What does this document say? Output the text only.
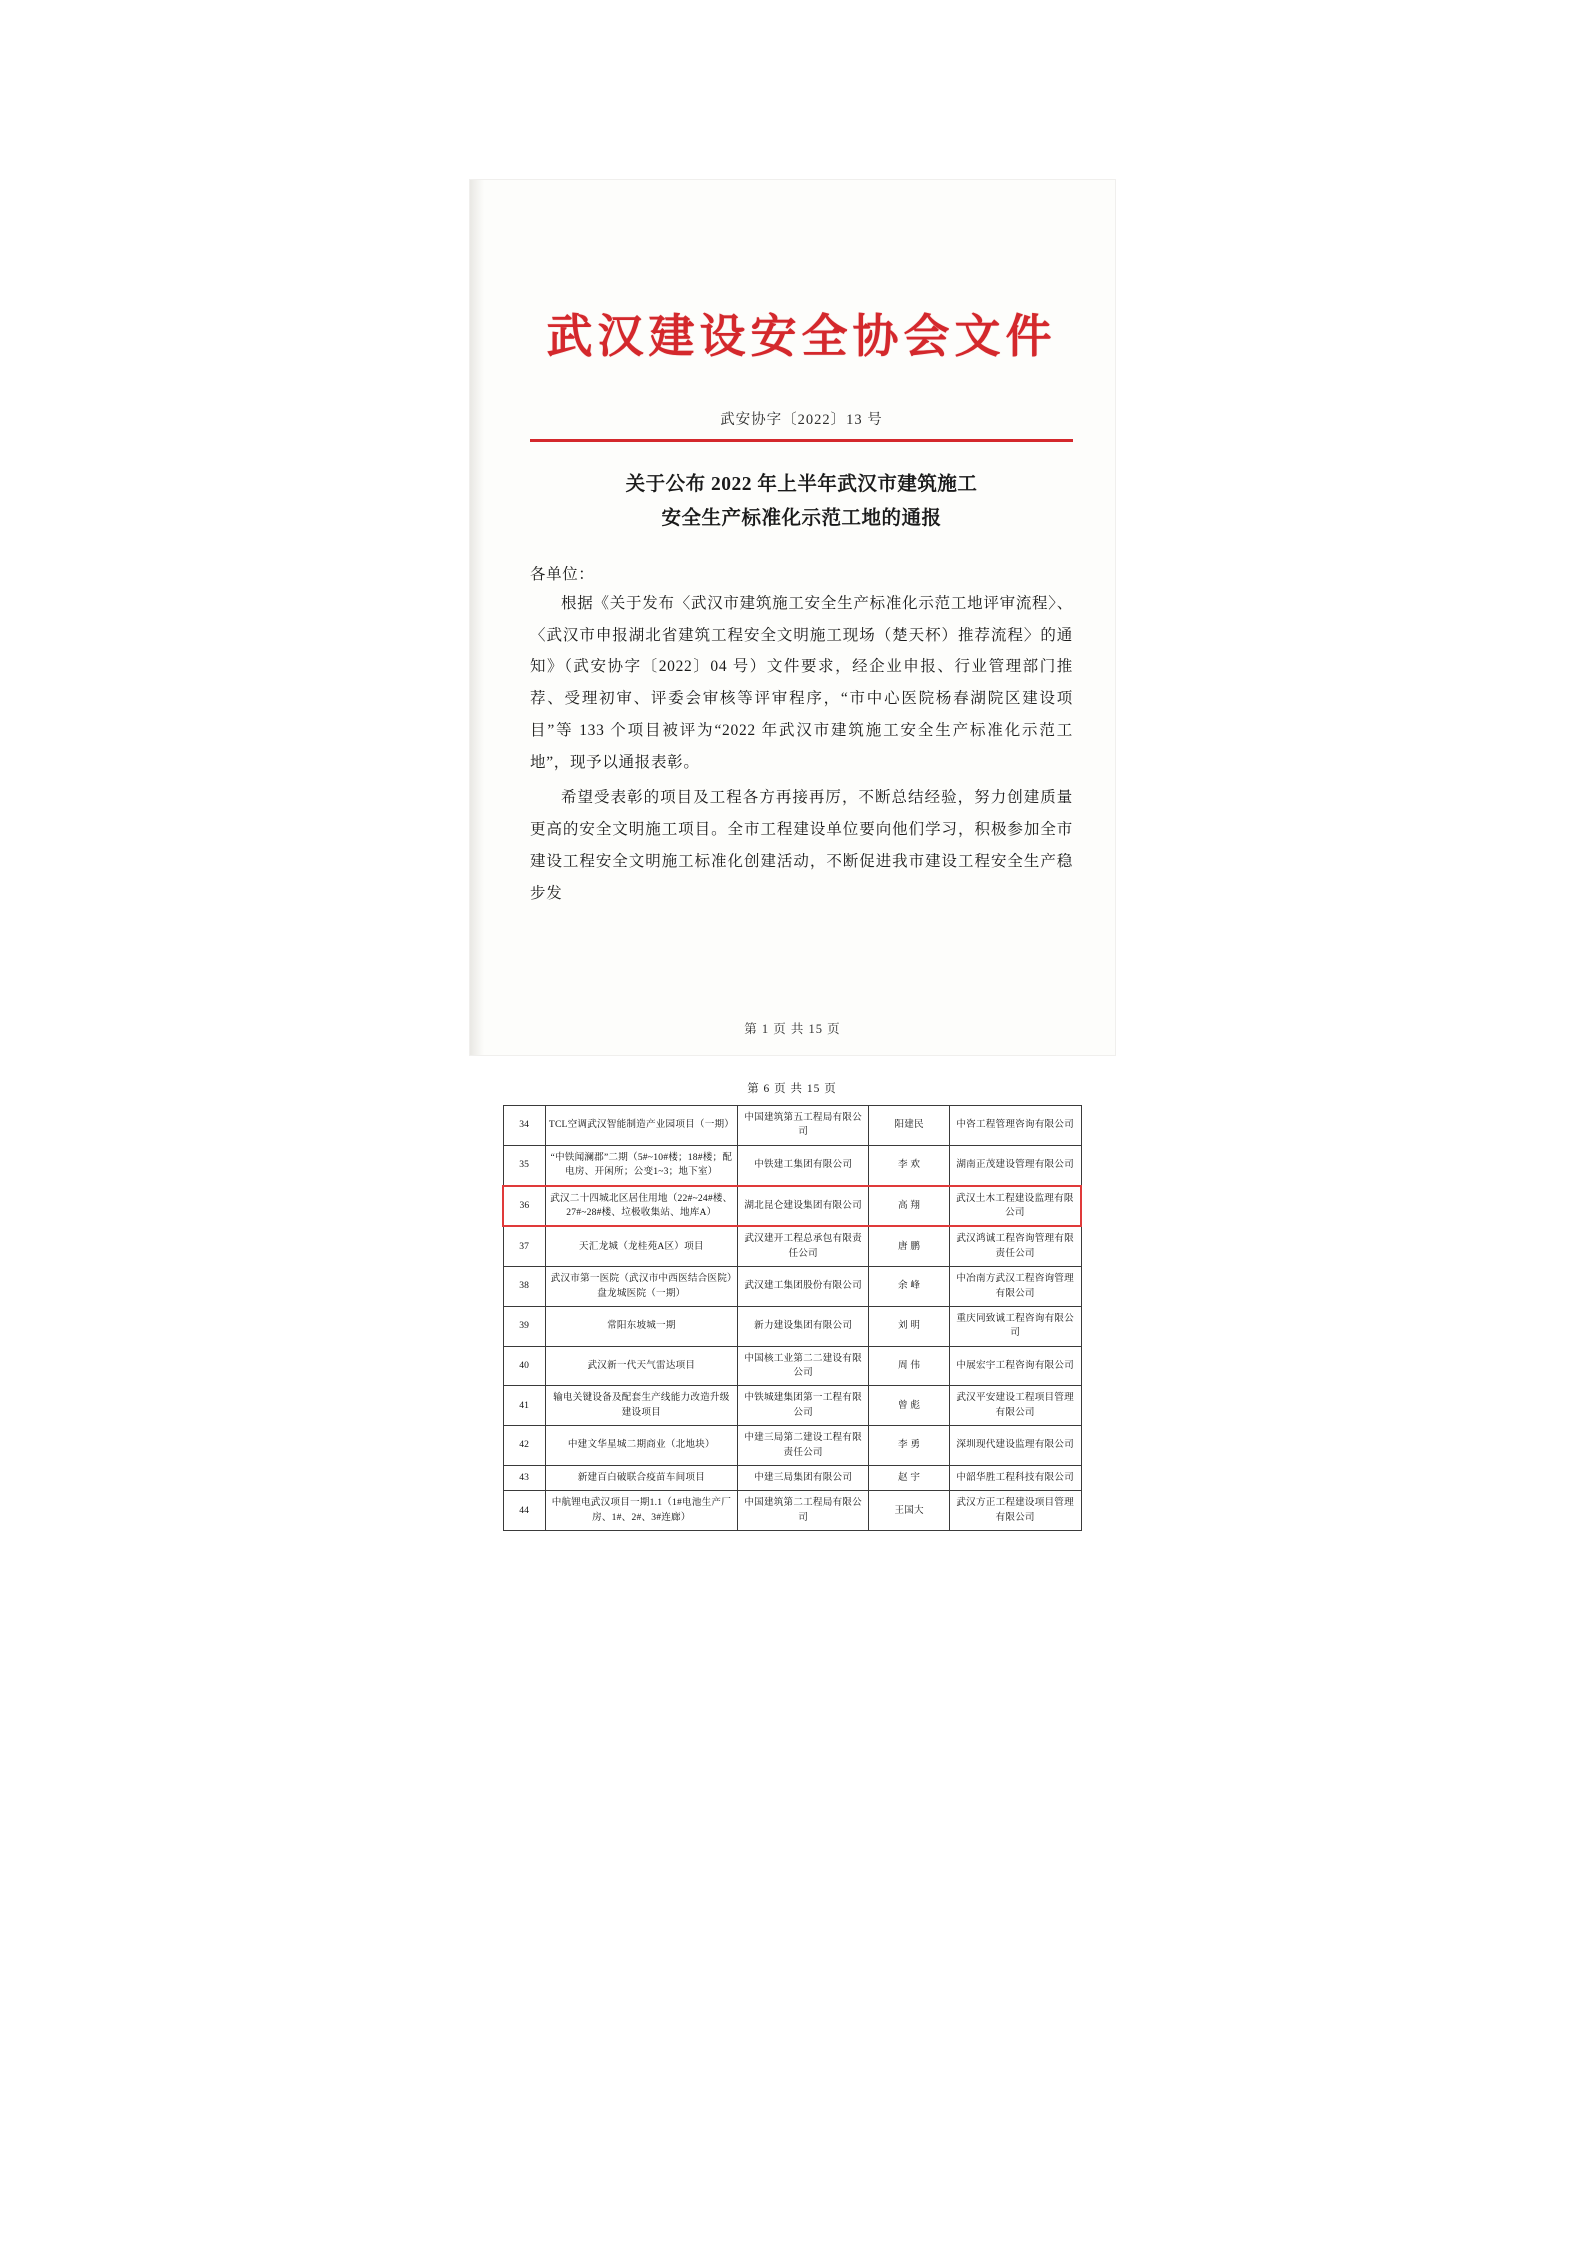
武汉建设安全协会文件
武安协字〔2022〕13 号
关于公布 2022 年上半年武汉市建筑施工
安全生产标准化示范工地的通报
各单位：
根据《关于发布〈武汉市建筑施工安全生产标准化示范工地评审流程〉、〈武汉市申报湖北省建筑工程安全文明施工现场（楚天杯）推荐流程〉的通知》（武安协字〔2022〕04 号）文件要求，经企业申报、行业管理部门推荐、受理初审、评委会审核等评审程序，“市中心医院杨春湖院区建设项目”等 133 个项目被评为“2022 年武汉市建筑施工安全生产标准化示范工地”，现予以通报表彰。
希望受表彰的项目及工程各方再接再厉，不断总结经验，努力创建质量更高的安全文明施工项目。全市工程建设单位要向他们学习，积极参加全市建设工程安全文明施工标准化创建活动，不断促进我市建设工程安全生产稳步发
第 1 页 共 15 页
34	TCL空调武汉智能制造产业园项目（一期）	中国建筑第五工程局有限公司	阳建民	中咨工程管理咨询有限公司
35	“中铁闻澜郡”二期（5#~10#楼；18#楼；配电房、开闲所；公变1~3；地下室）	中铁建工集团有限公司	李 欢	湖南正茂建设管理有限公司
36	武汉二十四城北区居住用地（22#~24#楼、27#~28#楼、垃极收集站、地库A）	湖北昆仑建设集团有限公司	高 翔	武汉土木工程建设监理有限公司
37	天汇龙城（龙桂苑A区）项目	武汉建开工程总承包有限责任公司	唐 鹏	武汉鸿诚工程咨询管理有限责任公司
38	武汉市第一医院（武汉市中西医结合医院）盘龙城医院（一期）	武汉建工集团股份有限公司	余 峰	中冶南方武汉工程咨询管理有限公司
39	常阳东坡城一期	新力建设集团有限公司	刘 明	重庆同致诚工程咨询有限公司
40	武汉新一代天气雷达项目	中国核工业第二二建设有限公司	周 伟	中展宏宇工程咨询有限公司
41	输电关键设备及配套生产线能力改造升级建设项目	中铁城建集团第一工程有限公司	曾 彪	武汉平安建设工程项目管理有限公司
42	中建文华星城二期商业（北地块）	中建三局第二建设工程有限责任公司	李 勇	深圳现代建设监理有限公司
43	新建百白破联合疫苗车间项目	中建三局集团有限公司	赵 宇	中韶华胜工程科技有限公司
44	中航锂电武汉项目一期1.1（1#电池生产厂房、1#、2#、3#连廊）	中国建筑第二工程局有限公司	王国大	武汉方正工程建设项目管理有限公司
第 6 页 共 15 页
